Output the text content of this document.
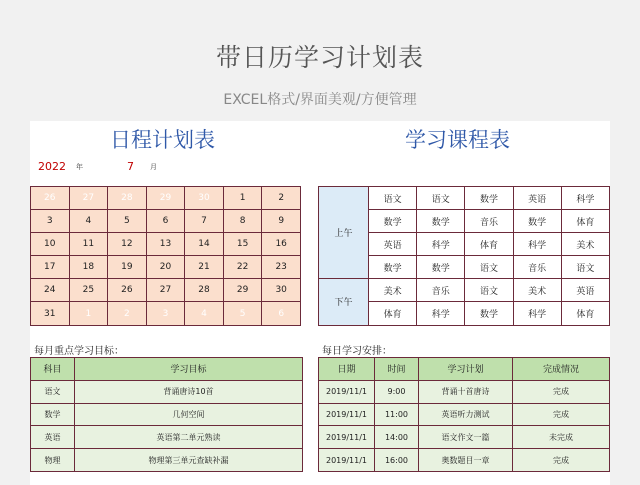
带日历学习计划表
EXCEL格式/界面美观/方便管理
日程计划表	学习课程表
2022 年	7 月
26	27	28	29	30	1	2
3	4	5	6	7	8	9
10	11	12	13	14	15	16
17	18	19	20	21	22	23
24	25	26	27	28	29	30
31	1	2	3	4	5	6
上午	语文	语文	数学	英语	科学
	数学	数学	音乐	数学	体育
	英语	科学	体育	科学	美术
	数学	数学	语文	音乐	语文
下午	美术	音乐	语文	美术	英语
	体育	科学	数学	科学	体育
每月重点学习目标：	每日学习安排：
科目	学习目标
语文	背诵唐诗10首
数学	几何空间
英语	英语第二单元熟读
物理	物理第三单元查缺补漏
日期	时间	学习计划	完成情况
2019/11/1	9:00	背诵十首唐诗	完成
2019/11/1	11:00	英语听力测试	完成
2019/11/1	14:00	语文作文一篇	未完成
2019/11/1	16:00	奥数题目一章	完成
